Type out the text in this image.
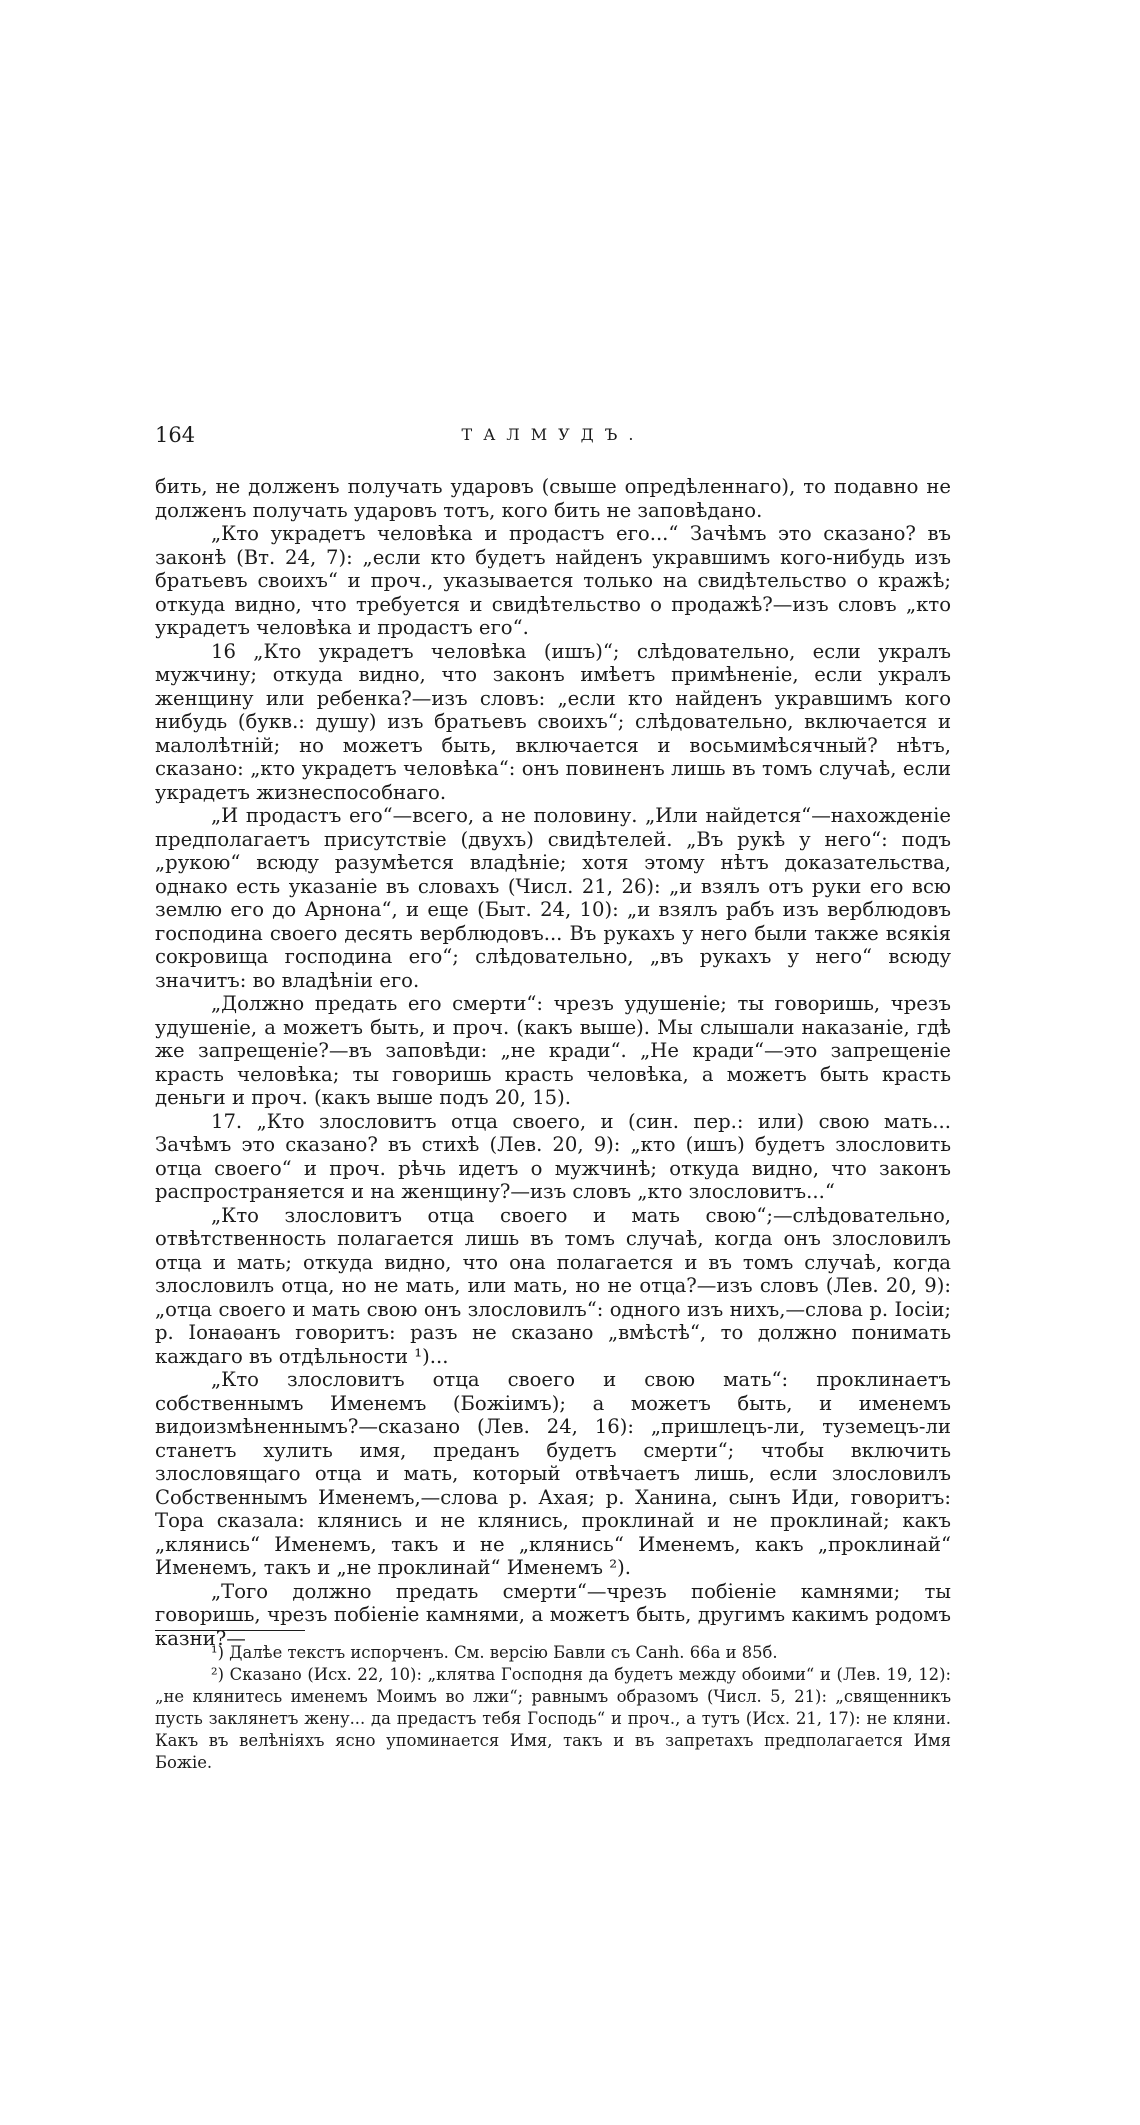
164	ТАЛМУДЪ.

бить, не долженъ получать ударовъ (свыше опредѣленнаго), то подавно не долженъ получать ударовъ тотъ, кого бить не заповѣдано.

„Кто украдетъ человѣка и продастъ его...“ Зачѣмъ это сказано? въ законѣ (Вт. 24, 7): „если кто будетъ найденъ укравшимъ кого-нибудь изъ братьевъ своихъ“ и проч., указывается только на свидѣтельство о кражѣ; откуда видно, что требуется и свидѣтельство о продажѣ?—изъ словъ „кто украдетъ человѣка и продастъ его“.

16 „Кто украдетъ человѣка (ишъ)“; слѣдовательно, если укралъ мужчину; откуда видно, что законъ имѣетъ примѣненіе, если укралъ женщину или ребенка?—изъ словъ: „если кто найденъ укравшимъ кого нибудь (букв.: душу) изъ братьевъ своихъ“; слѣдовательно, включается и малолѣтній; но можетъ быть, включается и восьмимѣсячный? нѣтъ, сказано: „кто украдетъ человѣка“: онъ повиненъ лишь въ томъ случаѣ, если украдетъ жизнеспособнаго.

„И продастъ его“—всего, а не половину. „Или найдется“—нахожденіе предполагаетъ присутствіе (двухъ) свидѣтелей. „Въ рукѣ у него“: подъ „рукою“ всюду разумѣется владѣніе; хотя этому нѣтъ доказательства, однако есть указаніе въ словахъ (Числ. 21, 26): „и взялъ отъ руки его всю землю его до Арнона“, и еще (Быт. 24, 10): „и взялъ рабъ изъ верблюдовъ господина своего десять верблюдовъ... Въ рукахъ у него были также всякія сокровища господина его“; слѣдовательно, „въ рукахъ у него“ всюду значитъ: во владѣніи его.

„Должно предать его смерти“: чрезъ удушеніе; ты говоришь, чрезъ удушеніе, а можетъ быть, и проч. (какъ выше). Мы слышали наказаніе, гдѣ же запрещеніе?—въ заповѣди: „не кради“. „Не кради“—это запрещеніе красть человѣка; ты говоришь красть человѣка, а можетъ быть красть деньги и проч. (какъ выше подъ 20, 15).

17. „Кто злословитъ отца своего, и (син. пер.: или) свою мать... Зачѣмъ это сказано? въ стихѣ (Лев. 20, 9): „кто (ишъ) будетъ злословить отца своего“ и проч. рѣчь идетъ о мужчинѣ; откуда видно, что законъ распространяется и на женщину?—изъ словъ „кто злословитъ...“

„Кто злословитъ отца своего и мать свою“;—слѣдовательно, отвѣтственность полагается лишь въ томъ случаѣ, когда онъ злословилъ отца и мать; откуда видно, что она полагается и въ томъ случаѣ, когда злословилъ отца, но не мать, или мать, но не отца?—изъ словъ (Лев. 20, 9): „отца своего и мать свою онъ злословилъ“: одного изъ нихъ,—слова р. Іосіи; р. Іонаѳанъ говоритъ: разъ не сказано „вмѣстѣ“, то должно понимать каждаго въ отдѣльности ¹)...

„Кто злословитъ отца своего и свою мать“: проклинаетъ собственнымъ Именемъ (Божіимъ); а можетъ быть, и именемъ видоизмѣненнымъ?—сказано (Лев. 24, 16): „пришлецъ-ли, туземецъ-ли станетъ хулить имя, преданъ будетъ смерти“; чтобы включить злословящаго отца и мать, который отвѣчаетъ лишь, если злословилъ Собственнымъ Именемъ,—слова р. Ахая; р. Ханина, сынъ Иди, говоритъ: Тора сказала: клянись и не клянись, проклинай и не проклинай; какъ „клянись“ Именемъ, такъ и не „клянись“ Именемъ, какъ „проклинай“ Именемъ, такъ и „не проклинай“ Именемъ ²).

„Того должно предать смерти“—чрезъ побіеніе камнями; ты говоришь, чрезъ побіеніе камнями, а можетъ быть, другимъ какимъ родомъ казни?—

¹) Далѣе текстъ испорченъ. См. версію Бавли съ Санh. 66а и 85б.

²) Сказано (Исх. 22, 10): „клятва Господня да будетъ между обоими“ и (Лев. 19, 12): „не клянитесь именемъ Моимъ во лжи“; равнымъ образомъ (Числ. 5, 21): „священникъ пусть заклянетъ жену... да предастъ тебя Господь“ и проч., а тутъ (Исх. 21, 17): не кляни. Какъ въ велѣніяхъ ясно упоминается Имя, такъ и въ запретахъ предполагается Имя Божіе.
